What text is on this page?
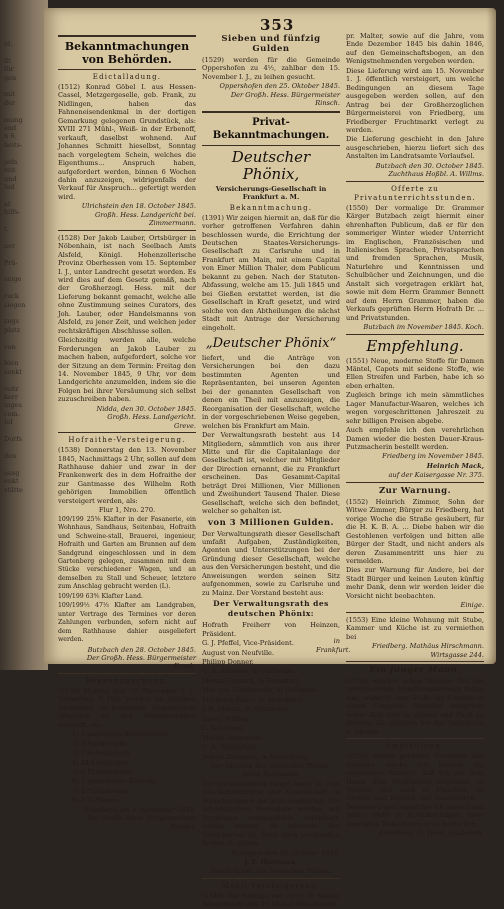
ld.

ilt
für
gen

mit
der

mung
and
n 6.
heits-

jeds
reit
und
lud

at
hilfs-

t.

ner

Prä-

zeige

ruck
siegen

zugs
platz

von

bien
senkt

reitr
kerr
tages
com.
IeI

Dorfs

den

ausg
enkt
stätte
353
Bekanntmachungen von Behörden.
Edictalladung.
(1512) Konrad Göbel I. aus Hessen-Cassel, Metzgergeselle, geb. Frank, zu Nidlingen, haben das Fahneneisendenkmal in der dortigen Gemarkung gelegenen Grundstück, als: XVIII 271 Mühl-, Weiß- in der Erbenoff, verkauft, daselbst wohnend. Auf Johannes Schmitt hieselbst, Sonntag nach vorgelegtem Schein, welches die Eigenthums... Anspruch haben, aufgefordert werden, binnen 6 Wochen dahin anzuzeigen, widrigenfalls der Verkauf für Anspruch... gefertigt werden wird.
Ulrichstein den 18. October 1845.
Großh. Hess. Landgericht bei.
Zimmermann.
(1528) Der Jakob Lauber, Ortsbürger in Nöbenhain, ist nach Seelbach Amts Alsfeld, Königl. Hohenzollerische Provinz Oberhessen vom 15. September I. J., unter Landrecht gesetzt worden. Es wird dies auf dem Gesetz gemäß, nach der Großherzogl. Hess. mit der Lieferung bekannt gemacht, welche alle ohne Zustimmung seines Curators, des Joh. Lauber, oder Handelsmanns von Alsfeld, zu jener Zeit, und welchen jeder rechtskräftigen Abschlusse sollen.
Gleichzeitig werden alle, welche Forderungen an Jakob Lauber zu machen haben, aufgefordert, solche vor der Sitzung an dem Termin: Freitag den 14. November 1845, 9 Uhr, vor dem Landgerichte anzumelden, indem sie die Folgen bei ihrer Versäumung sich selbst zuzuschreiben haben.
Nidda, den 30. October 1845.
Großh. Hess. Landgericht.
Greve.
Hofraithe-Versteigerung.
(1538) Donnerstag den 13. November 1845, Nachmittags 2 Uhr, sollen auf dem Rathhause dahier und zwar in der Frankenwerk des in dem Hofraithe der zur Gantmasse des Wilhelm Roth gehörigen Immobilien öffentlich versteigert werden, als:
Flur 1, Nro. 270.
109/199 25⅝ Klafter in der Fasanerie, ein Wohnhaus, Sandhaus, Seitenbau, Hofraith und Schweine-stall, Brauerei, ingenieur, Hofraith und Garten am Brunnen auf dem Sandgrund eingeschlossen und in dem Gartenberg gelegen, zusammen mit dem Stücke verschiedener Wagen, und an demselben zu Stall und Scheuer, letztere zum Anschlag gebracht werden (L).
109/199 63⅘ Klafter Land.
109/199½ 47⅓ Klafter am Landgraben, unter Vertrage des Termines vor deren Zahlungen verbunden, sofern nicht auf dem Rathhause dahier ausgeliefert werden.
Butzbach den 28. October 1845.
Der Großh. Hess. Bürgermeister
Frank.
Bekanntmachung.
(1530) Montag den 10. November I. J., Vormittags 9 Uhr, werden im hiesigen Rathhause nachstehende Gegenstände öffentlich an den Meistbietenden verkauft, als:
1) 2 sammtene Bettgestellen,
2) 3 Nachttische,
3) 1 Schreibtisch,
4) 24 Leintücher,
5) 6 Pfandscheine,
6) 2 gusseiserne Kesseln,
7) 2 Tischdecken,
8) 3 Vorhänge.
Friedberg am 3. November 1845.
Der Großh. Hess. Bürgermeister
Bender.
Sieben und fünfzig Gulden
(1529) werden für die Gemeinde Oppershofen zu 4½, zahlbar den 15. November I. J., zu leihen gesucht.
Oppershofen den 25. Oktober 1845.
Der Großh. Hess. Bürgermeister
Rinsch.
Privat-Bekanntmachungen.
Deutscher Phönix,
Versicherungs-Gesellschaft in Frankfurt a. M.
Bekanntmachung.
(1391) Wir zeigen hiermit an, daß für die vorher getroffenen Verfahren dahin beschlossen wurde, die Errichtung der Deutschen Staates-Versicherungs-Gesellschaft zu Carlsruhe und in Frankfurt am Main, mit einem Capital von Einer Million Thaler, dem Publicum bekannt zu geben. Nach der Statuten-Abfassung, welche am 15. Juli 1845 und bei Gießen erstattet werden, ist die Gesellschaft in Kraft gesetzt, und wird solche von den Abtheilungen die nächst Stadt mit Antrage der Versicherung eingeholt.
„Deutscher Phönix“
liefert, und die Anträge von Versicherungen bei den dazu bestimmten Agenten und Repräsentanten, bei unseren Agenten bei der genannten Gesellschaft von denen ein Theil mit anzuzeigen, die Reorganisation der Gesellschaft, welche in der vorgeschriebenen Weise gegeben, welchen bis Frankfurt am Main.
Der Verwaltungsrath besteht aus 14 Mitgliedern, sämmtlich von aus ihrer Mitte und für die Capitalanlage der Gesellschaft ist, welcher mit Mitglieder der Direction ernannt, die zu Frankfurt erscheinen. Das Gesammt-Capital beträgt Drei Millionen, Vier Millionen und Zweihundert Tausend Thaler. Diese Gesellschaft, welche sich den befindet, welcher so gehalten ist.
von 3 Millionen Gulden.
Der Verwaltungsrath dieser Gesellschaft umfaßt Aufgaben, Zuständigkeiten, Agenten und Unterstützungen bei der Gründung dieser Gesellschaft, welche aus den Versicherungen besteht, und die Anweisungen werden seinen Sitz aufgenommen, sowie zu Carlsruhe und zu Mainz. Der Vorstand besteht aus:
Der Verwaltungsrath des deutschen Phönix:
Hofrath Freiherr von Heinzen, Präsident.
G. J. Pfeffel, Vice-Präsident.
August von Neufville.
Philipp Donner.
G. A. Andreae, in Carlsruhe.
Moritz Gontard, in Frankfurt.
Mar von Günderrode, in Carlsruhe.
Friedrich Bauer, in Mannheim.
J. N. Martin, in Straßburg.
Georg Mittler.
L. Schramm.
Martin Schwarzer.
C. A. Springfeld.
Joseph Zimmern, in Heidelberg.
in Frankfurt.
Der Director des Deutschen Phönix, Julius Reusmann.
Der unterzeichnete Haupt-Agent ist zum Geschäftsbetriebe der Gesellschaft in Versicherungen bis jetzt ermächtigt. Die erforderlichen Formulare werden mit Vergnügen unentgeltlich verabfolgt, sobald solches, im Interesse der Versicherten ist, wird allen eventuellen Kosten zu geben.
Büdingen den 16. October 1845.
J. F. Hermann,
Haupt-Agent des Deutschen Phönix.
Mobil-Versteigerung.
(1348) Die Nöthige von circa 10 Malter Roggenmehl und 16 Malter Weizenmehl
pr. Malter, sowie auf die Jahre, vom Ende Dezember 1845 bis dahin 1846, auf den Gemeinschaftsbogen, an den Wenigstnehmenden vergeben werden.
Diese Lieferung wird am 15. November 1. J. öffentlich versteigert, um welche Bedingungen an diesem Tage ausgegeben werden sollen, auf den Antrag bei der Großherzoglichen Bürgermeisterei von Friedberg, um Friedberger Fruchtmarkt verlegt zu werden.
Die Lieferung geschieht in den Jahre ausgeschrieben, hierzu liefert sich des Anstalten im Landratsamte Vorlaufsel.
Butzbach den 30. October 1845.
Zuchthaus Hoßbl. A. Willms.
Offerte zu Privatunterrichtsstunden.
(1550) Der vormalige Dr. Grammer Kärger Butzbach zeigt hiermit einer ehrenhaften Publicum, daß er für den sommeriger Winter wieder Unterricht im Englischen, Französischen und Italienischen Sprachen, Privatsprachen und fremden Sprachen, Musik, Naturlehre und Kenntnissen und Schulbücher und Zeichnungen, und die Anstalt sich vorgetragen erklärt hat, sowie mit dem Herrn Grammer Bennett auf dem Herrn Grammer, haben die Verkaufs geprüften Herrn Hofrath Dr. ... und Privatstunden.
Butzbach im November 1845. Koch.
Empfehlung.
(1551) Neue, moderne Stoffe für Damen Mäntel, Capots mit seidene Stoffe, wie Ellen Streifen und Farben, habe ich so eben erhalten.
Zugleich bringe ich mein sämmtliches Lager Manufactur-Waaren, welches ich wegen vorgeschrittenen Jahreszeit zu sehr billigen Preisen abgebe.
Auch empfehle ich den verehrlichen Damen wieder die besten Dauer-Kraus-Putzmacherin bestellt werden.
Friedberg im November 1845.
Heinrich Mack,
auf der Kaisergasse Nr. 375.
Zur Warnung.
(1552) Heinrich Zimmer, Sohn der Witwe Zimmer, Bürger zu Friedberg, hat vorige Woche die Straße gesäubert, für die H. K. B. A. ... Diebe haben wir die Gestohlenen verfolgen und bitten alle Bürger der Stadt, und nicht anders als deren Zusammentritt uns hier zu vermelden.
Dies zur Warnung für Andere, bei der Stadt Bürger und keinen Leuten künftig mehr Dank, denn wir werden leider die Vorsicht nicht beobachten.
Einige.
(1553) Eine kleine Wohnung mit Stube, Kammer und Küche ist zu vermiethen bei
Friedberg. Mathäus Hirschmann.
Wirtsgasse 244.
Ein junger Mann,
(1554) welcher schon längere Zeit bei verschiedenen Handlungshäusern thätig war, wünscht eine Stelle als Commis in einem Comptoir. Derselbe verspricht seiner Zeit treu zu dienen und Fleiß zu fördern. Zu erfragen bei der Expedition d. Blattes.
Empfehlung.
(1555) Seinen geehrten Freunden und Gönnern mache ich hiermit die ergebenste Anzeige, daß ich mit dem Heute dem Weinhandel begonnen, in Fässern und auch in Flaschen, im Großen und Kleinen, bei Quantitäten ... Besonders aber empfehle ich meinen aus bester Stelle zu berücksichtigen, ihrer geneigten Wohnthaten in zu bemerken.
Friedberg. G. Tivod, Gastwirth.
